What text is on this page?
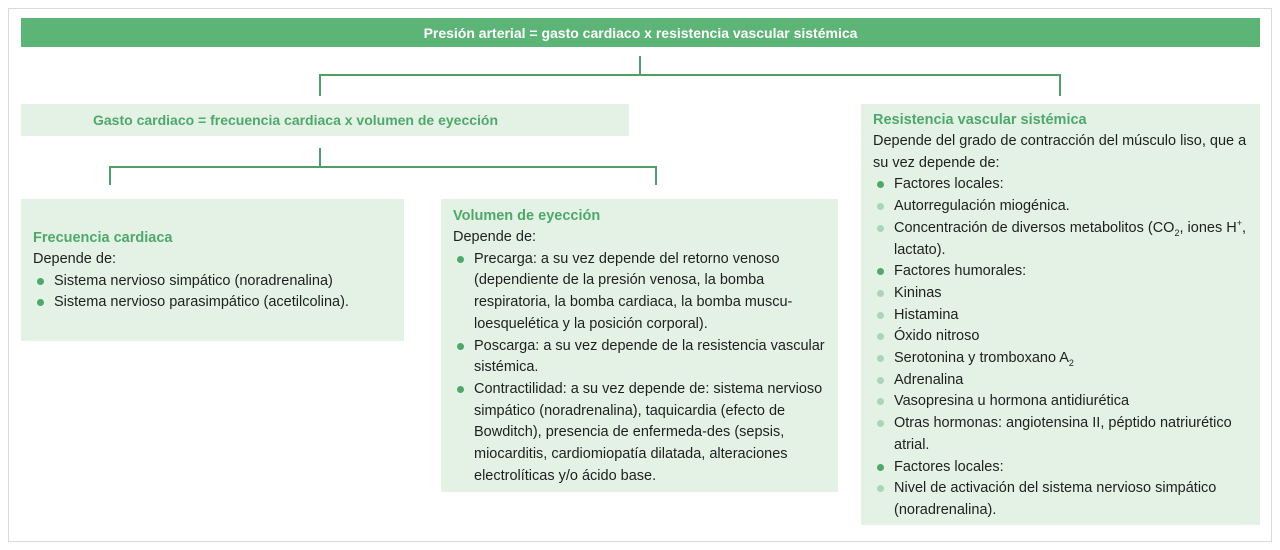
Presión arterial = gasto cardiaco x resistencia vascular sistémica
Gasto cardiaco = frecuencia cardiaca x volumen de eyección
Frecuencia cardiaca
Depende de:
Sistema nervioso simpático (noradrenalina)
Sistema nervioso parasimpático (acetilcolina).
Volumen de eyección
Depende de:
Precarga: a su vez depende del retorno venoso (dependiente de la presión venosa, la bomba respiratoria, la bomba cardiaca, la bomba muscu-loesquelética y la posición corporal).
Poscarga: a su vez depende de la resistencia vascular sistémica.
Contractilidad: a su vez depende de: sistema nervioso simpático (noradrenalina), taquicardia (efecto de Bowditch), presencia de enfermeda-des (sepsis, miocarditis, cardiomiopatía dilatada, alteraciones electrolíticas y/o ácido base.
Resistencia vascular sistémica
Depende del grado de contracción del músculo liso, que a su vez depende de:
Factores locales:
Autorregulación miogénica.
Concentración de diversos metabolitos ($CO_2$, iones H+, lactato).
Factores humorales:
Kininas
Histamina
Óxido nitroso
Serotonina y tromboxano $A_2$
Adrenalina
Vasopresina u hormona antidiurética
Otras hormonas: angiotensina II, péptido natriurético atrial.
Factores locales:
Nivel de activación del sistema nervioso simpático (noradrenalina).
